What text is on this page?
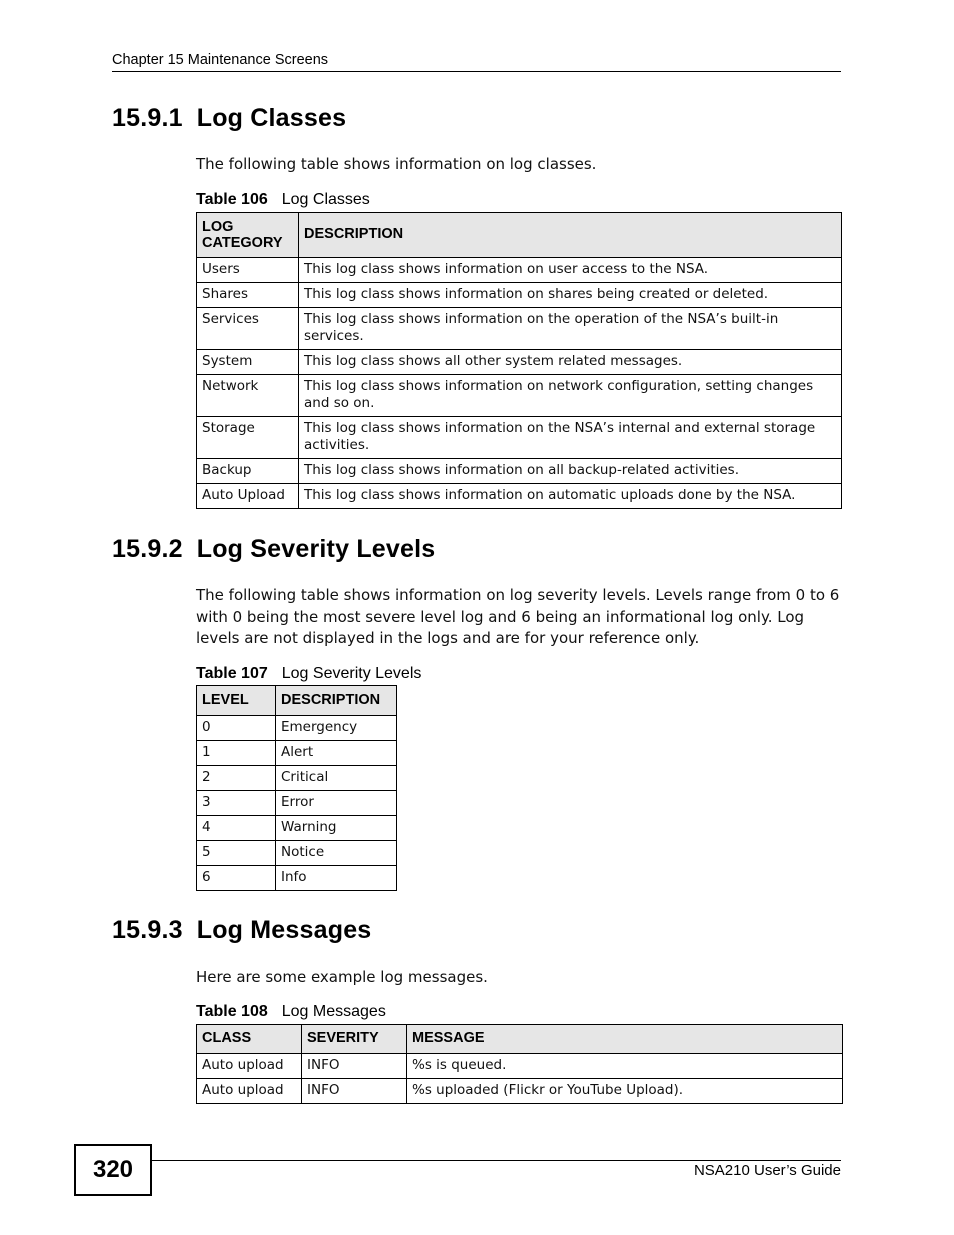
Chapter 15 Maintenance Screens
15.9.1 Log Classes

The following table shows information on log classes.

Table 106 Log Classes
LOG CATEGORY	DESCRIPTION
Users	This log class shows information on user access to the NSA.
Shares	This log class shows information on shares being created or deleted.
Services	This log class shows information on the operation of the NSA’s built-in services.
System	This log class shows all other system related messages.
Network	This log class shows information on network configuration, setting changes and so on.
Storage	This log class shows information on the NSA’s internal and external storage activities.
Backup	This log class shows information on all backup-related activities.
Auto Upload	This log class shows information on automatic uploads done by the NSA.
15.9.2 Log Severity Levels

The following table shows information on log severity levels. Levels range from 0 to 6 with 0 being the most severe level log and 6 being an informational log only. Log levels are not displayed in the logs and are for your reference only.

Table 107 Log Severity Levels
LEVEL	DESCRIPTION
0	Emergency
1	Alert
2	Critical
3	Error
4	Warning
5	Notice
6	Info
15.9.3 Log Messages

Here are some example log messages.

Table 108 Log Messages
CLASS	SEVERITY	MESSAGE
Auto upload	INFO	%s is queued.
Auto upload	INFO	%s uploaded (Flickr or YouTube Upload).
320	NSA210 User’s Guide
